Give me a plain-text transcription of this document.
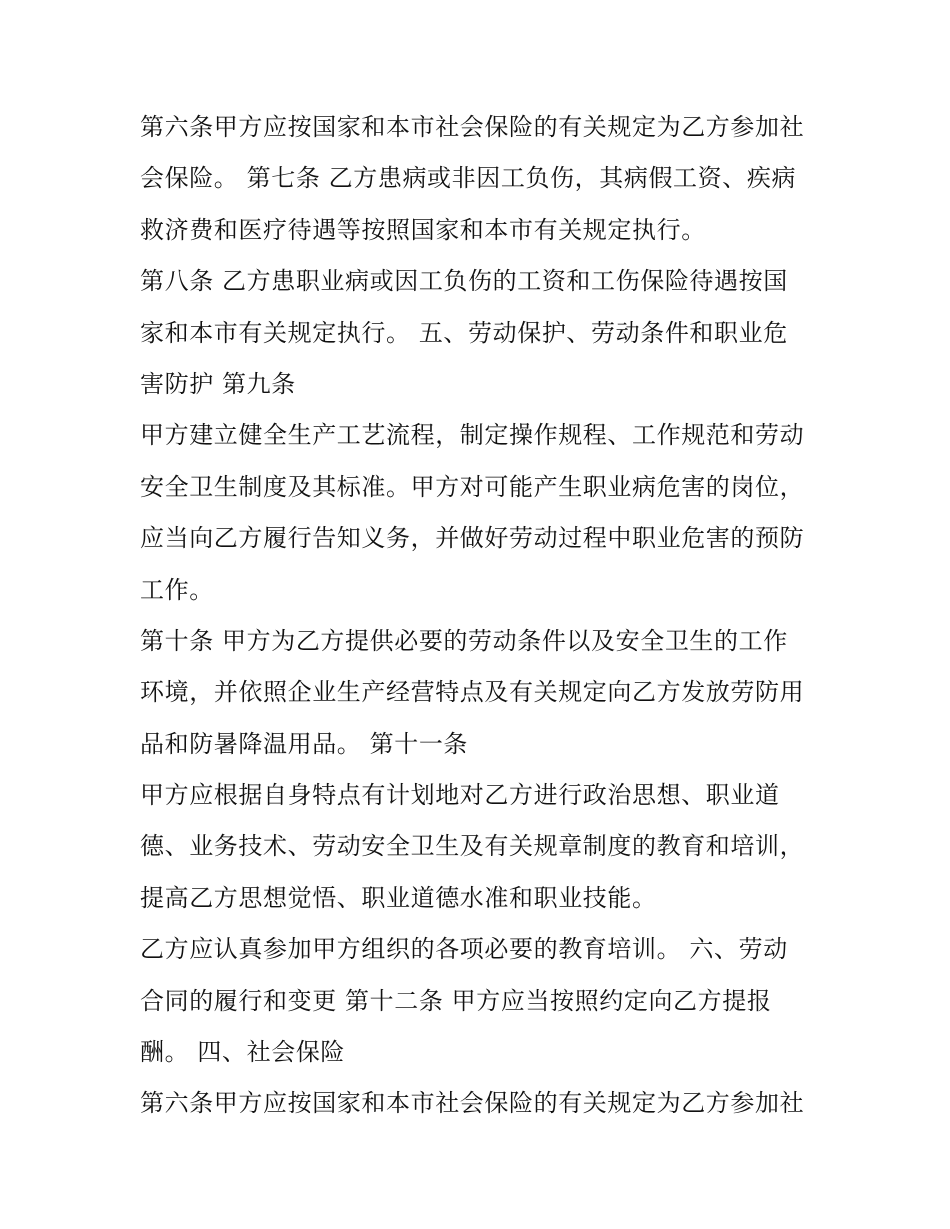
第六条甲方应按国家和本市社会保险的有关规定为乙方参加社
会保险。 第七条 乙方患病或非因工负伤，其病假工资、疾病
救济费和医疗待遇等按照国家和本市有关规定执行。
第八条 乙方患职业病或因工负伤的工资和工伤保险待遇按国
家和本市有关规定执行。 五、劳动保护、劳动条件和职业危
害防护 第九条
甲方建立健全生产工艺流程，制定操作规程、工作规范和劳动
安全卫生制度及其标准。甲方对可能产生职业病危害的岗位，
应当向乙方履行告知义务，并做好劳动过程中职业危害的预防
工作。
第十条 甲方为乙方提供必要的劳动条件以及安全卫生的工作
环境，并依照企业生产经营特点及有关规定向乙方发放劳防用
品和防暑降温用品。 第十一条
甲方应根据自身特点有计划地对乙方进行政治思想、职业道
德、业务技术、劳动安全卫生及有关规章制度的教育和培训，
提高乙方思想觉悟、职业道德水准和职业技能。
乙方应认真参加甲方组织的各项必要的教育培训。 六、劳动
合同的履行和变更 第十二条 甲方应当按照约定向乙方提报
酬。 四、社会保险
第六条甲方应按国家和本市社会保险的有关规定为乙方参加社
